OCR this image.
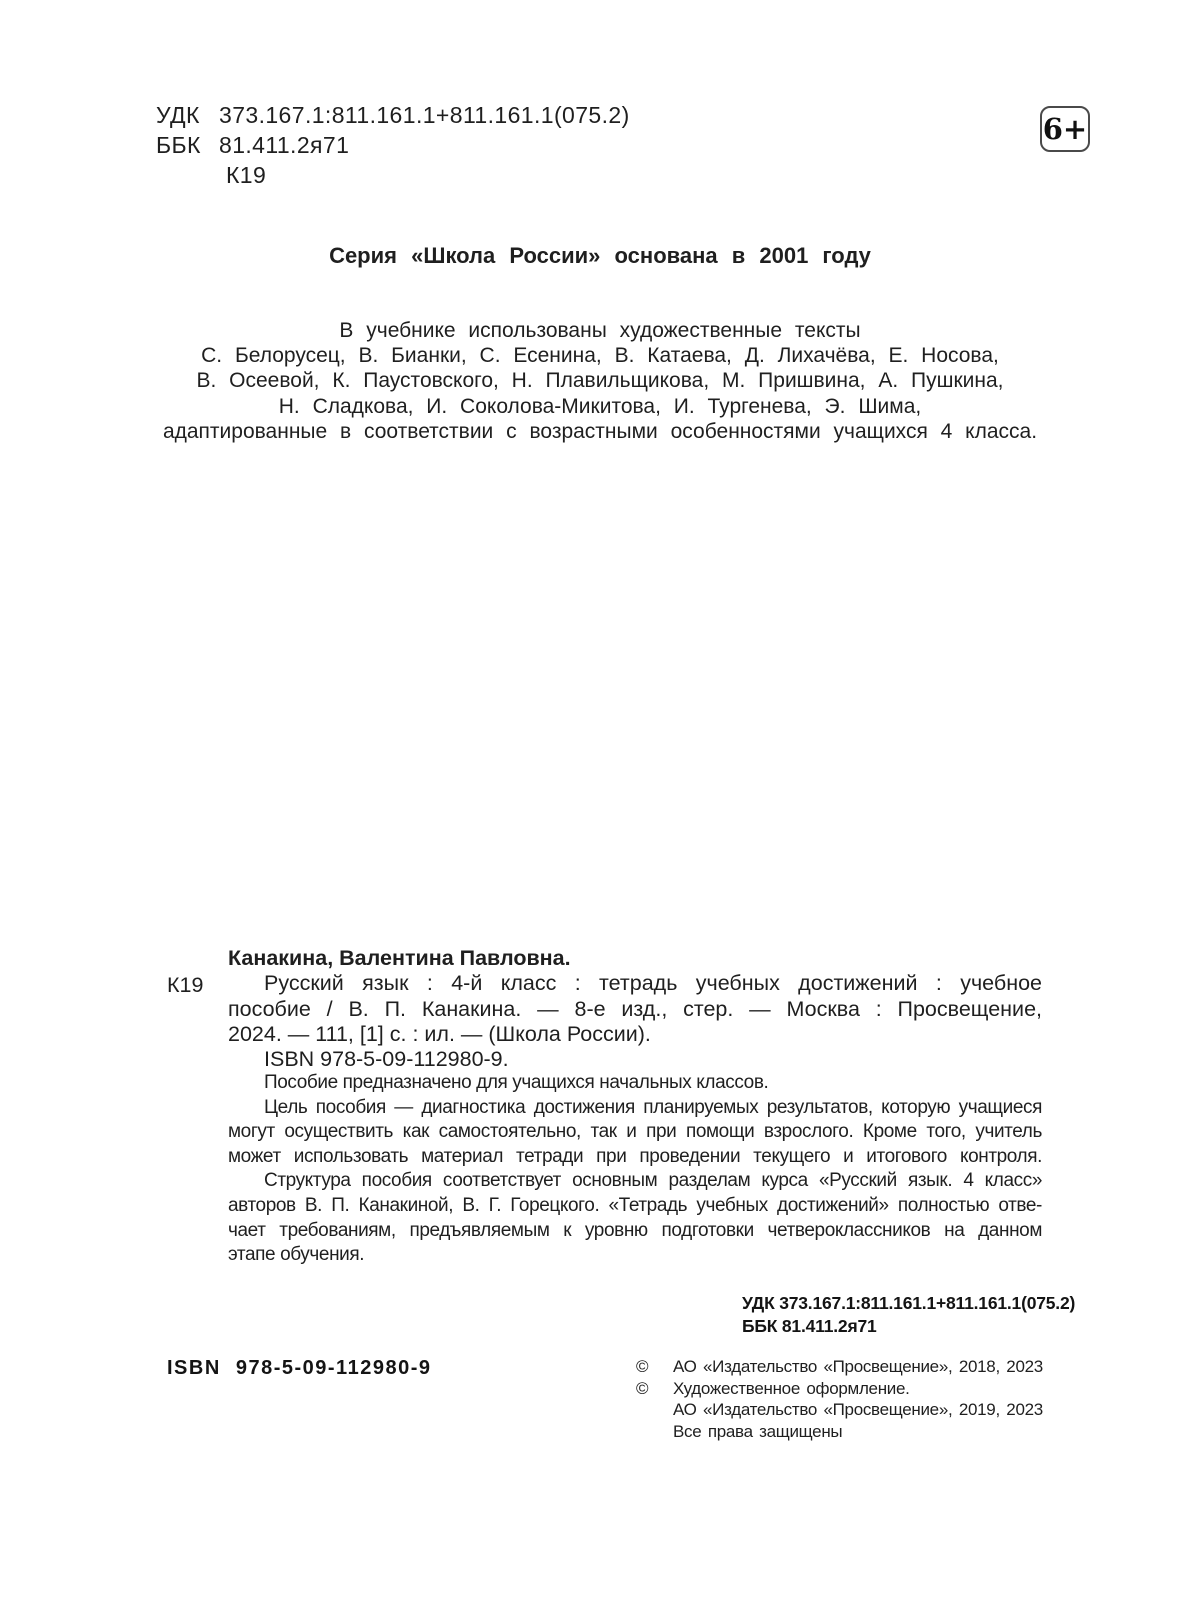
УДК 373.167.1:811.161.1+811.161.1(075.2)
ББК 81.411.2я71
К19
6+
Серия «Школа России» основана в 2001 году
В учебнике использованы художественные тексты
С. Белорусец, В. Бианки, С. Есенина, В. Катаева, Д. Лихачёва, Е. Носова,
В. Осеевой, К. Паустовского, Н. Плавильщикова, М. Пришвина, А. Пушкина,
Н. Сладкова, И. Соколова-Микитова, И. Тургенева, Э. Шима,
адаптированные в соответствии с возрастными особенностями учащихся 4 класса.
К19
Канакина, Валентина Павловна.
Русский язык : 4-й класс : тетрадь учебных достижений : учебное
пособие / В. П. Канакина. — 8-е изд., стер. — Москва : Просвещение,
2024. — 111, [1] с. : ил. — (Школа России).
ISBN 978-5-09-112980-9.
Пособие предназначено для учащихся начальных классов.
Цель пособия — диагностика достижения планируемых результатов, которую учащиеся
могут осуществить как самостоятельно, так и при помощи взрослого. Кроме того, учитель
может использовать материал тетради при проведении текущего и итогового контроля.
Структура пособия соответствует основным разделам курса «Русский язык. 4 класс»
авторов В. П. Канакиной, В. Г. Горецкого. «Тетрадь учебных достижений» полностью отве-
чает требованиям, предъявляемым к уровню подготовки четвероклассников на данном
этапе обучения.
УДК 373.167.1:811.161.1+811.161.1(075.2)
ББК 81.411.2я71
ISBN 978-5-09-112980-9	©	АО «Издательство «Просвещение», 2018, 2023
©	Художественное оформление.
АО «Издательство «Просвещение», 2019, 2023
Все права защищены
